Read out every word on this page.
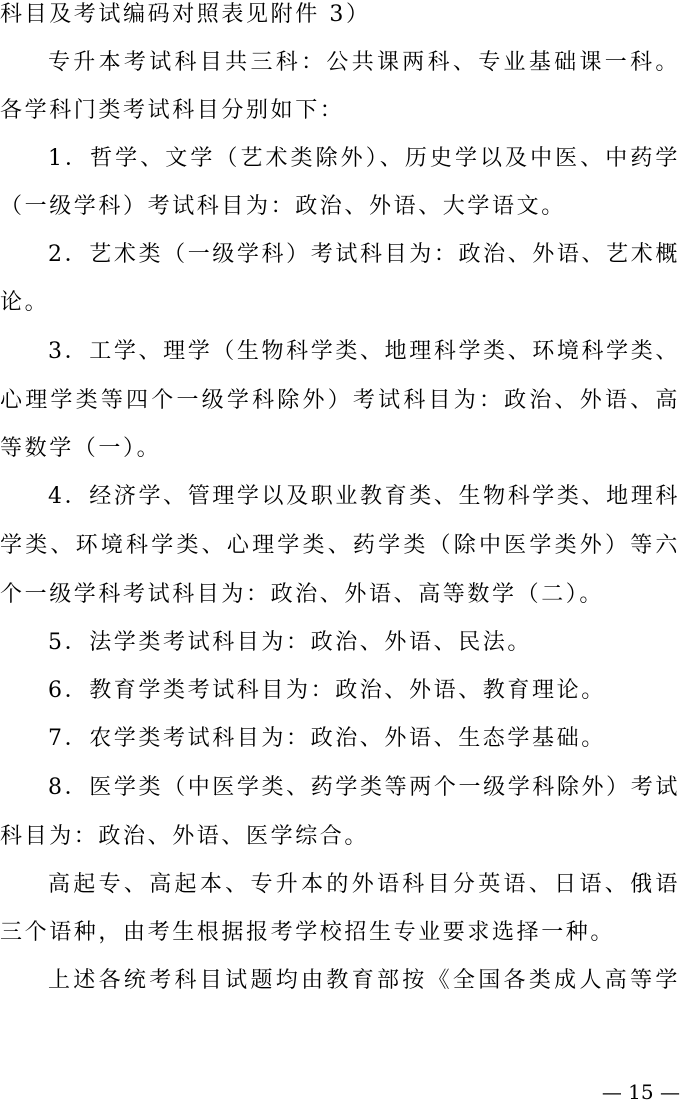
科目及考试编码对照表见附件 3）
专升本考试科目共三科：公共课两科、专业基础课一科。
各学科门类考试科目分别如下：
1．哲学、文学（艺术类除外）、历史学以及中医、中药学
（一级学科）考试科目为：政治、外语、大学语文。
2．艺术类（一级学科）考试科目为：政治、外语、艺术概
论。
3．工学、理学（生物科学类、地理科学类、环境科学类、
心理学类等四个一级学科除外）考试科目为：政治、外语、高
等数学（一）。
4．经济学、管理学以及职业教育类、生物科学类、地理科
学类、环境科学类、心理学类、药学类（除中医学类外）等六
个一级学科考试科目为：政治、外语、高等数学（二）。
5．法学类考试科目为：政治、外语、民法。
6．教育学类考试科目为：政治、外语、教育理论。
7．农学类考试科目为：政治、外语、生态学基础。
8．医学类（中医学类、药学类等两个一级学科除外）考试
科目为：政治、外语、医学综合。
高起专、高起本、专升本的外语科目分英语、日语、俄语
三个语种，由考生根据报考学校招生专业要求选择一种。
上述各统考科目试题均由教育部按《全国各类成人高等学
— 15 —
